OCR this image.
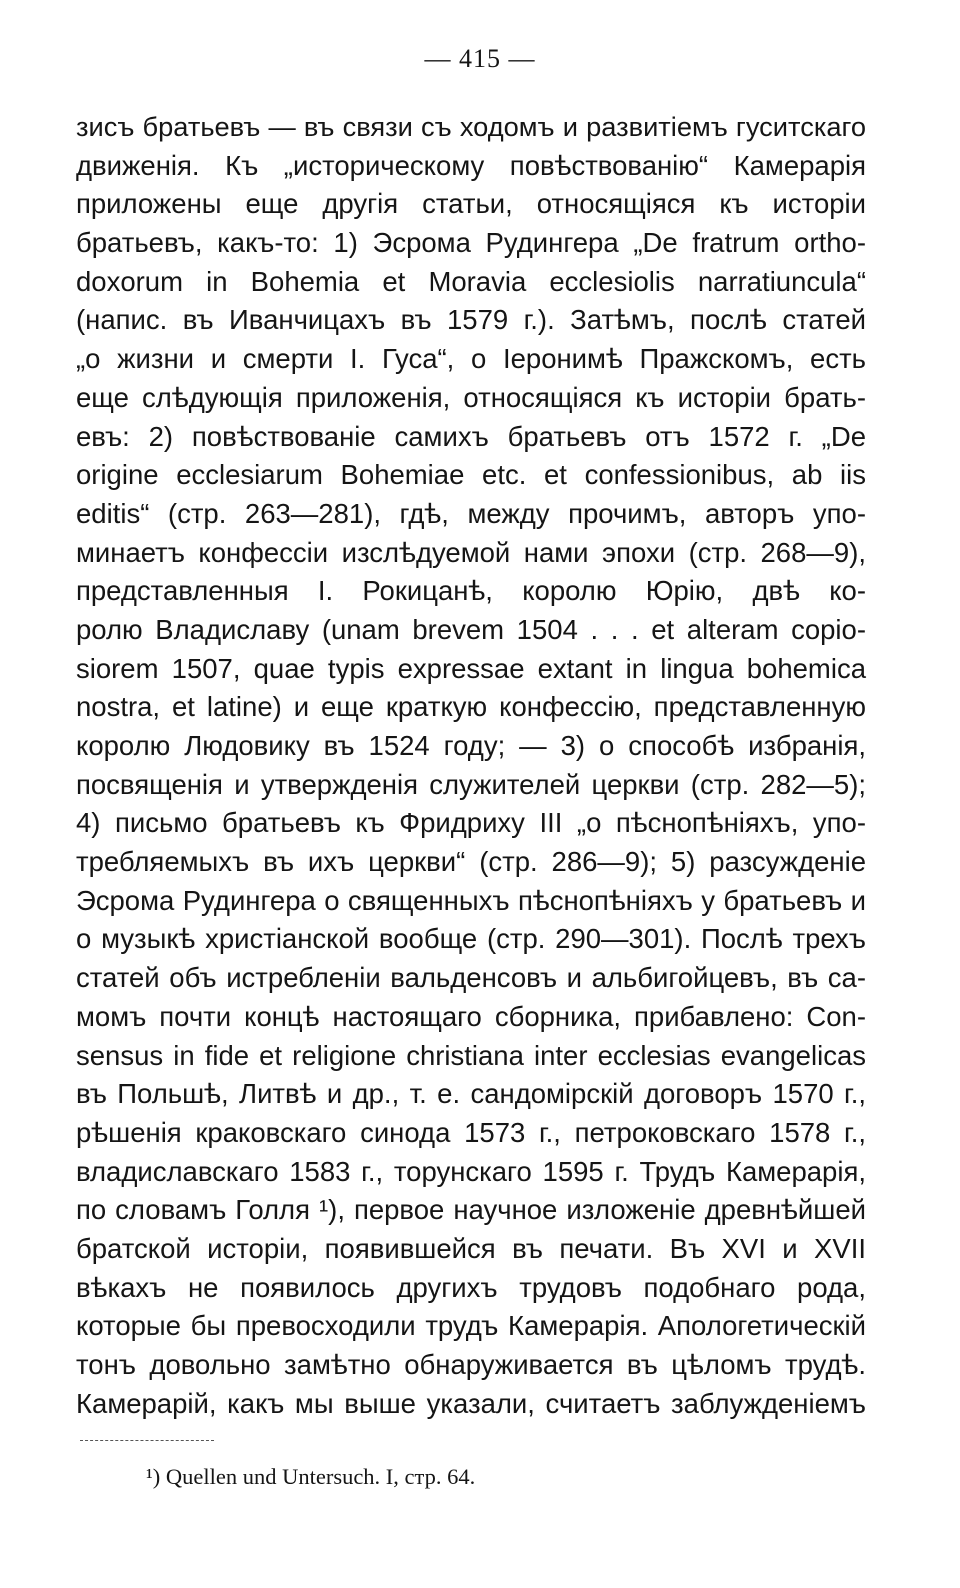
— 415 —
зисъ братьевъ — въ связи съ ходомъ и развитіемъ гуситскаго
движенія. Къ „историческому повѣствованію“ Камерарія
приложены еще другія статьи, относящіяся къ исторіи
братьевъ, какъ-то: 1) Эсрома Рудингера „De fratrum ortho-
doxorum in Bohemia et Moravia ecclesiolis narratiuncula“
(напис. въ Иванчицахъ въ 1579 г.). Затѣмъ, послѣ статей
„о жизни и смерти І. Гуса“, о Іеронимѣ Пражскомъ, есть
еще слѣдующія приложенія, относящіяся къ исторіи брать-
евъ: 2) повѣствованіе самихъ братьевъ отъ 1572 г. „De
origine ecclesiarum Bohemiae etc. et confessionibus, ab iis
editis“ (стр. 263—281), гдѣ, между прочимъ, авторъ упо-
минаетъ конфессіи изслѣдуемой нами эпохи (стр. 268—9),
представленныя І. Рокицанѣ, королю Юрію, двѣ ко-
ролю Владиславу (unam brevem 1504 . . . et alteram copio-
siorem 1507, quae typis expressae extant in lingua bohemica
nostra, et latine) и еще краткую конфессію, представленную
королю Людовику въ 1524 году; — 3) о способѣ избранія,
посвященія и утвержденія служителей церкви (стр. 282—5);
4) письмо братьевъ къ Фридриху III „о пѣснопѣніяхъ, упо-
требляемыхъ въ ихъ церкви“ (стр. 286—9); 5) разсужденіе
Эсрома Рудингера о священныхъ пѣснопѣніяхъ у братьевъ и
о музыкѣ христіанской вообще (стр. 290—301). Послѣ трехъ
статей объ истребленіи вальденсовъ и альбигойцевъ, въ са-
момъ почти концѣ настоящаго сборника, прибавлено: Con-
sensus in fide et religione christiana inter ecclesias evangelicas
въ Польшѣ, Литвѣ и др., т. е. сандомірскій договоръ 1570 г.,
рѣшенія краковскаго синода 1573 г., петроковскаго 1578 г.,
владиславскаго 1583 г., торунскаго 1595 г. Трудъ Камерарія,
по словамъ Голля ¹), первое научное изложеніе древнѣйшей
братской исторіи, появившейся въ печати. Въ XVI и XVII
вѣкахъ не появилось другихъ трудовъ подобнаго рода,
которые бы превосходили трудъ Камерарія. Апологетическій
тонъ довольно замѣтно обнаруживается въ цѣломъ трудѣ.
Камерарій, какъ мы выше указали, считаетъ заблужденіемъ
¹) Quellen und Untersuch. I, стр. 64.
